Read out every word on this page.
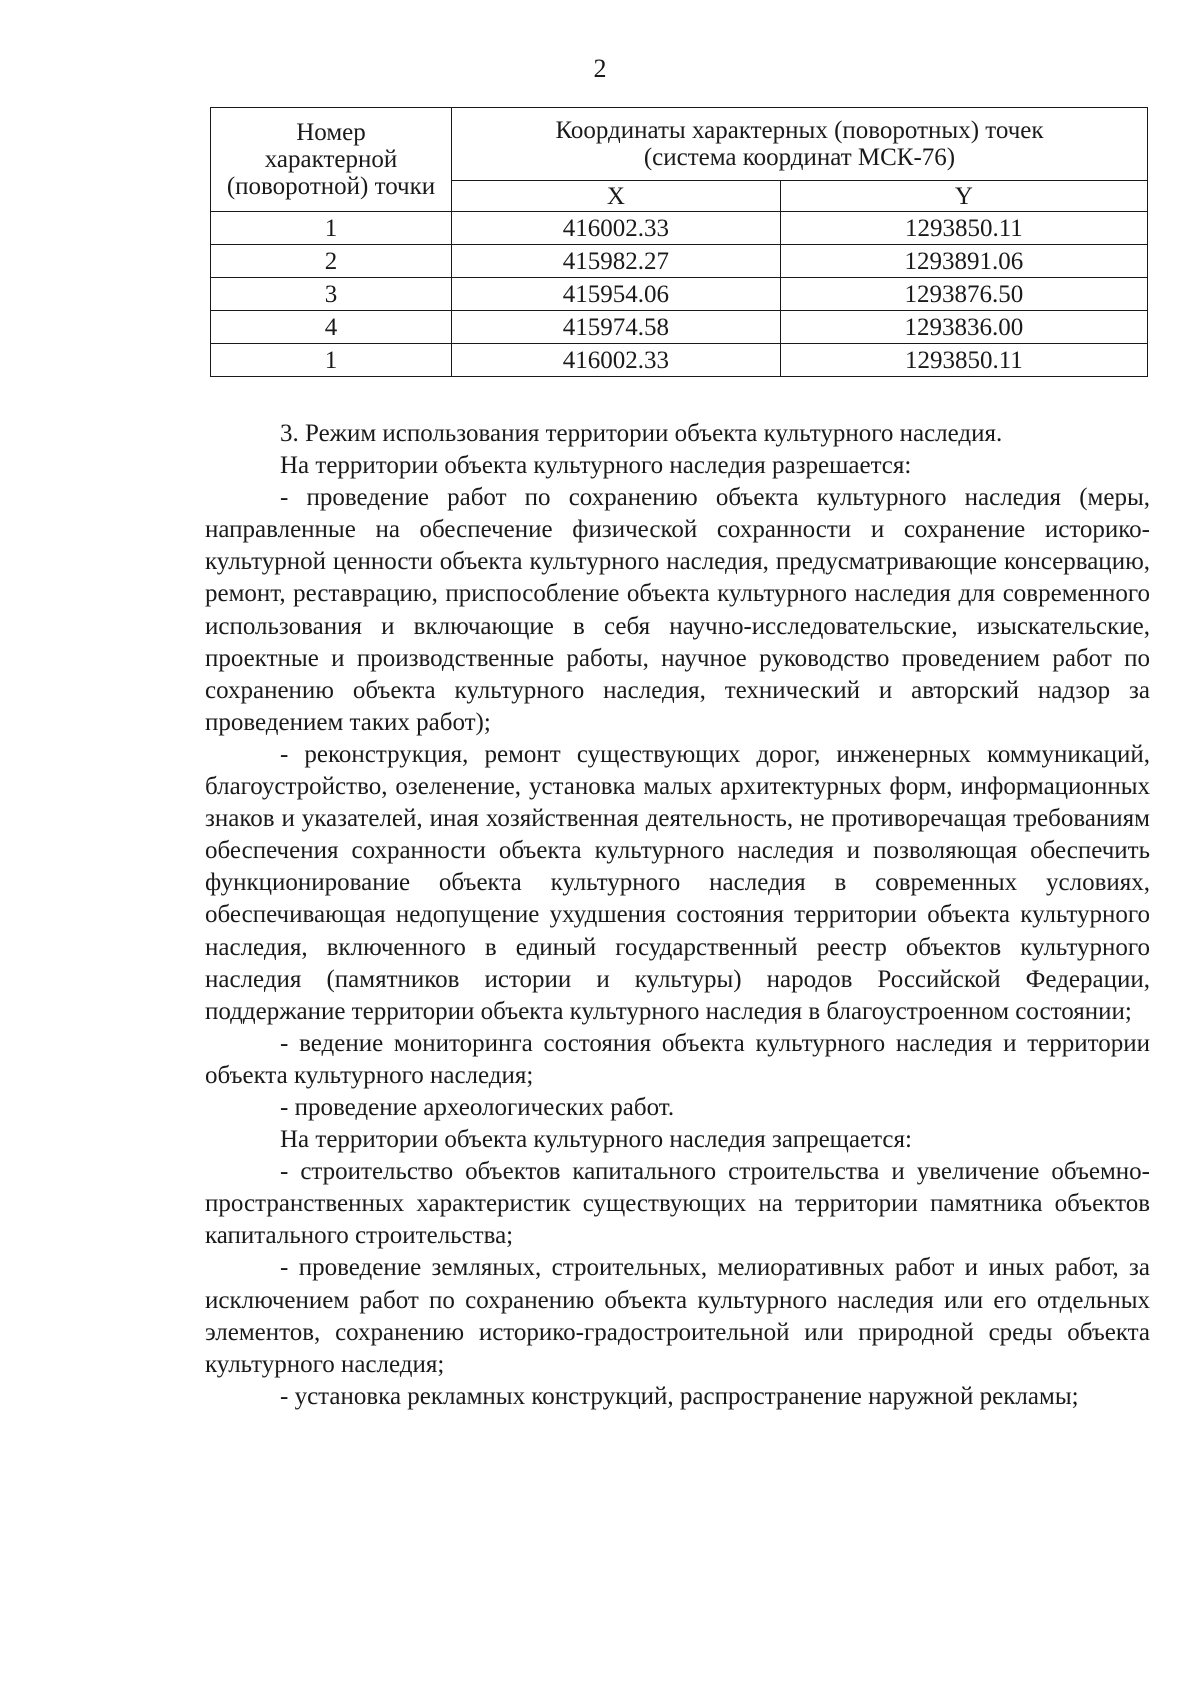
2
Номер
характерной
(поворотной) точки	Координаты характерных (поворотных) точек
(система координат МСК-76)	
	X	Y
1	416002.33	1293850.11
2	415982.27	1293891.06
3	415954.06	1293876.50
4	415974.58	1293836.00
1	416002.33	1293850.11

3. Режим использования территории объекта культурного наследия.

На территории объекта культурного наследия разрешается:

- проведение работ по сохранению объекта культурного наследия (меры, направленные на обеспечение физической сохранности и сохранение историко-культурной ценности объекта культурного наследия, предусматривающие консервацию, ремонт, реставрацию, приспособление объекта культурного наследия для современного использования и включающие в себя научно-исследовательские, изыскательские, проектные и производственные работы, научное руководство проведением работ по сохранению объекта культурного наследия, технический и авторский надзор за проведением таких работ);

- реконструкция, ремонт существующих дорог, инженерных коммуникаций, благоустройство, озеленение, установка малых архитектурных форм, информационных знаков и указателей, иная хозяйственная деятельность, не противоречащая требованиям обеспечения сохранности объекта культурного наследия и позволяющая обеспечить функционирование объекта культурного наследия в современных условиях, обеспечивающая недопущение ухудшения состояния территории объекта культурного наследия, включенного в единый государственный реестр объектов культурного наследия (памятников истории и культуры) народов Российской Федерации, поддержание территории объекта культурного наследия в благоустроенном состоянии;

- ведение мониторинга состояния объекта культурного наследия и территории объекта культурного наследия;

- проведение археологических работ.

На территории объекта культурного наследия запрещается:

- строительство объектов капитального строительства и увеличение объемно-пространственных характеристик существующих на территории памятника объектов капитального строительства;

- проведение земляных, строительных, мелиоративных работ и иных работ, за исключением работ по сохранению объекта культурного наследия или его отдельных элементов, сохранению историко-градостроительной или природной среды объекта культурного наследия;

- установка рекламных конструкций, распространение наружной рекламы;
